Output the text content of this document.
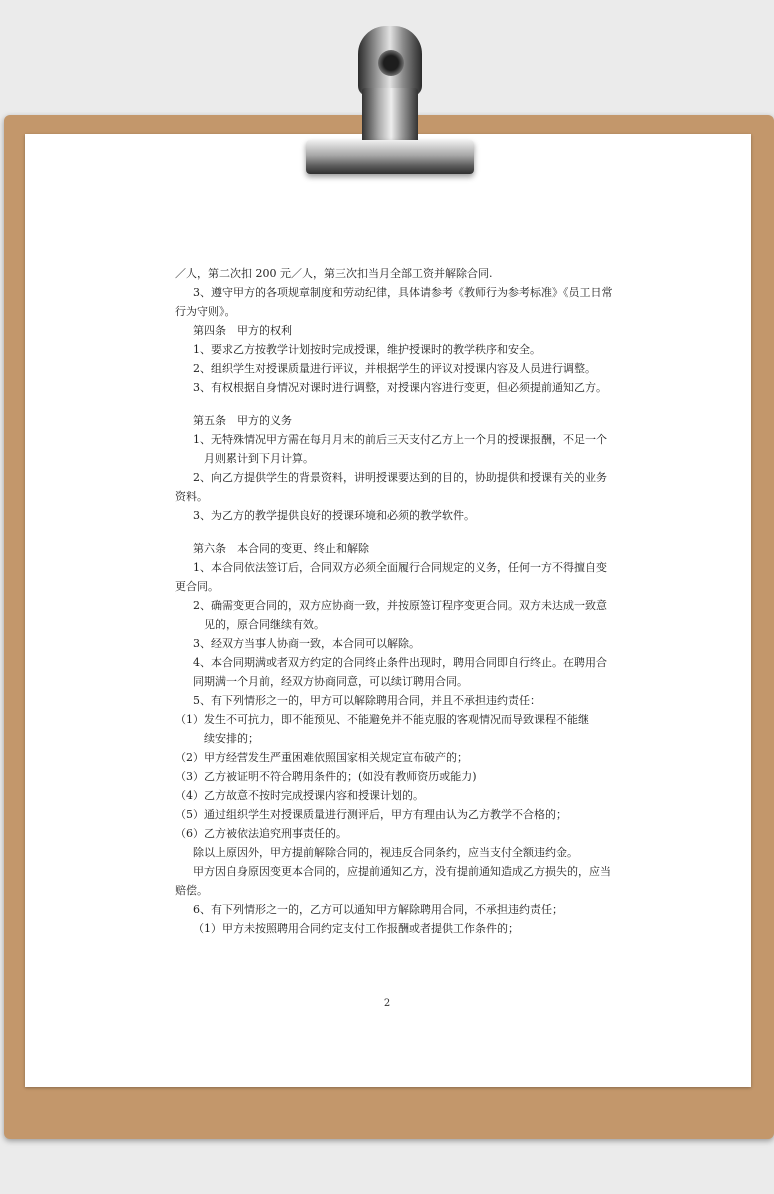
／人，第二次扣 200 元／人，第三次扣当月全部工资并解除合同.
3、遵守甲方的各项规章制度和劳动纪律，具体请参考《教师行为参考标准》《员工日常
行为守则》。
第四条　甲方的权利
1、要求乙方按教学计划按时完成授课，维护授课时的教学秩序和安全。
2、组织学生对授课质量进行评议，并根据学生的评议对授课内容及人员进行调整。
3、有权根据自身情况对课时进行调整，对授课内容进行变更，但必须提前通知乙方。
第五条　甲方的义务
1、无特殊情况甲方需在每月月末的前后三天支付乙方上一个月的授课报酬，不足一个
月则累计到下月计算。
2、向乙方提供学生的背景资料，讲明授课要达到的目的，协助提供和授课有关的业务
资料。
3、为乙方的教学提供良好的授课环境和必须的教学软件。
第六条　本合同的变更、终止和解除
1、本合同依法签订后，合同双方必须全面履行合同规定的义务，任何一方不得擅自变
更合同。
2、确需变更合同的，双方应协商一致，并按原签订程序变更合同。双方未达成一致意
见的，原合同继续有效。
3、经双方当事人协商一致，本合同可以解除。
4、本合同期满或者双方约定的合同终止条件出现时，聘用合同即自行终止。在聘用合
同期满一个月前，经双方协商同意，可以续订聘用合同。
5、有下列情形之一的，甲方可以解除聘用合同，并且不承担违约责任：
（1）发生不可抗力，即不能预见、不能避免并不能克服的客观情况而导致课程不能继
续安排的；
（2）甲方经营发生严重困难依照国家相关规定宣布破产的；
（3）乙方被证明不符合聘用条件的；(如没有教师资历或能力)
（4）乙方故意不按时完成授课内容和授课计划的。
（5）通过组织学生对授课质量进行测评后，甲方有理由认为乙方教学不合格的；
（6）乙方被依法追究刑事责任的。
除以上原因外，甲方提前解除合同的，视违反合同条约，应当支付全额违约金。
甲方因自身原因变更本合同的，应提前通知乙方，没有提前通知造成乙方损失的，应当
赔偿。
6、有下列情形之一的，乙方可以通知甲方解除聘用合同，不承担违约责任；
（1）甲方未按照聘用合同约定支付工作报酬或者提供工作条件的；
2
